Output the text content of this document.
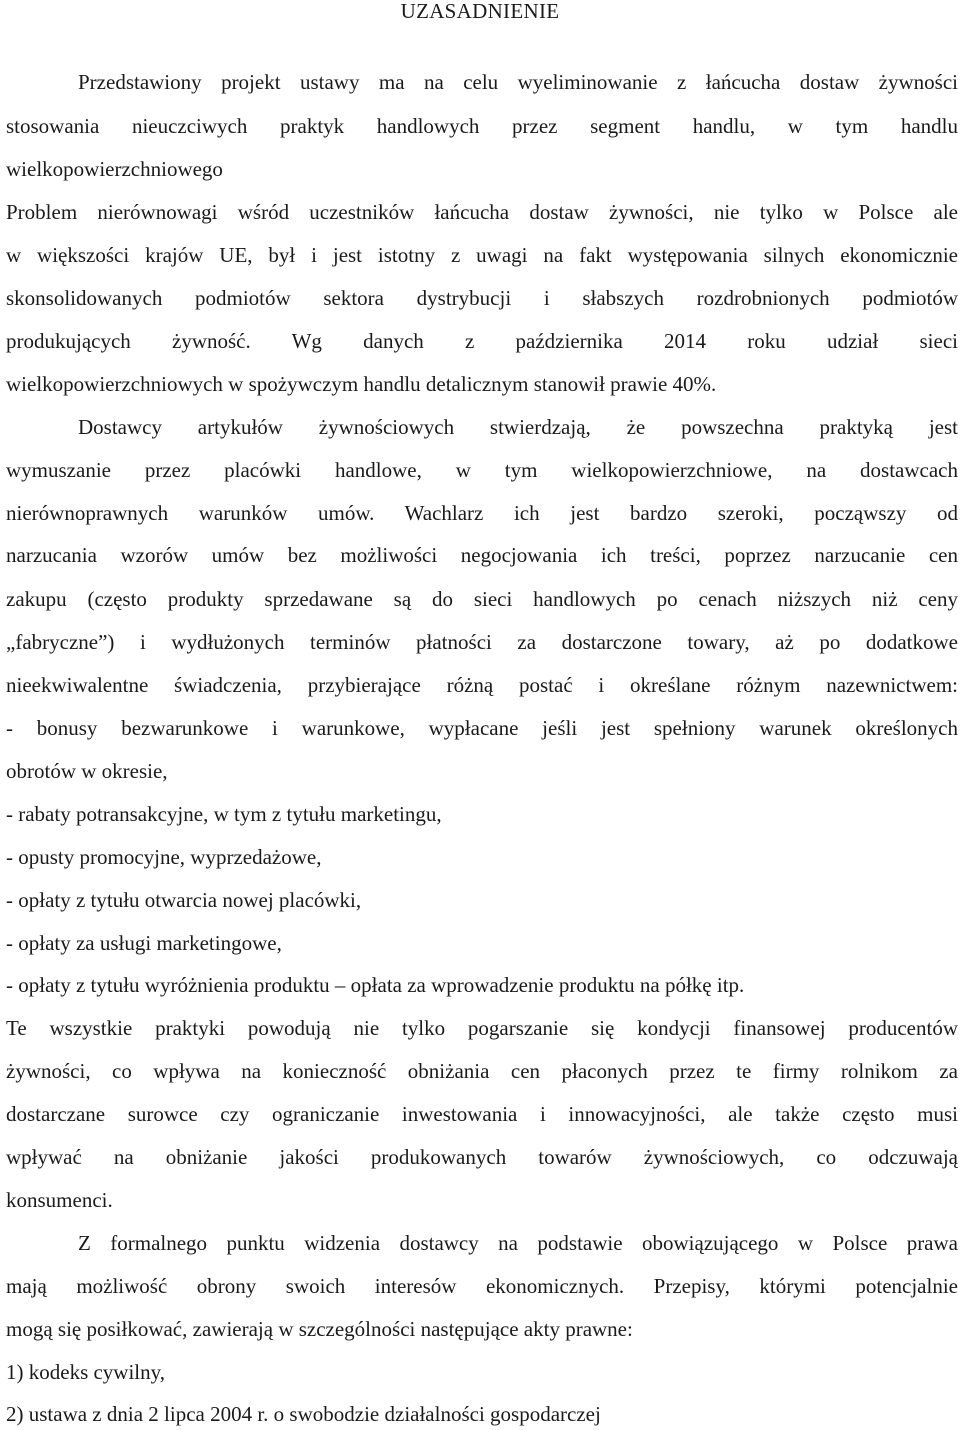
UZASADNIENIE
Przedstawiony projekt ustawy ma na celu wyeliminowanie z łańcucha dostaw żywności
stosowania nieuczciwych praktyk handlowych przez segment handlu, w tym handlu
wielkopowierzchniowego
Problem nierównowagi wśród uczestników łańcucha dostaw żywności, nie tylko w Polsce ale
w większości krajów UE, był i jest istotny z uwagi na fakt występowania silnych ekonomicznie
skonsolidowanych podmiotów sektora dystrybucji i słabszych rozdrobnionych podmiotów
produkujących żywność. Wg danych z października 2014 roku udział sieci
wielkopowierzchniowych w spożywczym handlu detalicznym stanowił prawie 40%.
Dostawcy artykułów żywnościowych stwierdzają, że powszechna praktyką jest
wymuszanie przez placówki handlowe, w tym wielkopowierzchniowe, na dostawcach
nierównoprawnych warunków umów. Wachlarz ich jest bardzo szeroki, począwszy od
narzucania wzorów umów bez możliwości negocjowania ich treści, poprzez narzucanie cen
zakupu (często produkty sprzedawane są do sieci handlowych po cenach niższych niż ceny
„fabryczne”) i wydłużonych terminów płatności za dostarczone towary, aż po dodatkowe
nieekwiwalentne świadczenia, przybierające różną postać i określane różnym nazewnictwem:
- bonusy bezwarunkowe i warunkowe, wypłacane jeśli jest spełniony warunek określonych
obrotów w okresie,
- rabaty potransakcyjne, w tym z tytułu marketingu,
- opusty promocyjne, wyprzedażowe,
- opłaty z tytułu otwarcia nowej placówki,
- opłaty za usługi marketingowe,
- opłaty z tytułu wyróżnienia produktu – opłata za wprowadzenie produktu na półkę itp.
Te wszystkie praktyki powodują nie tylko pogarszanie się kondycji finansowej producentów
żywności, co wpływa na konieczność obniżania cen płaconych przez te firmy rolnikom za
dostarczane surowce czy ograniczanie inwestowania i innowacyjności, ale także często musi
wpływać na obniżanie jakości produkowanych towarów żywnościowych, co odczuwają
konsumenci.
Z formalnego punktu widzenia dostawcy na podstawie obowiązującego w Polsce prawa
mają możliwość obrony swoich interesów ekonomicznych. Przepisy, którymi potencjalnie
mogą się posiłkować, zawierają w szczególności następujące akty prawne:
1) kodeks cywilny,
2) ustawa z dnia 2 lipca 2004 r. o swobodzie działalności gospodarczej
